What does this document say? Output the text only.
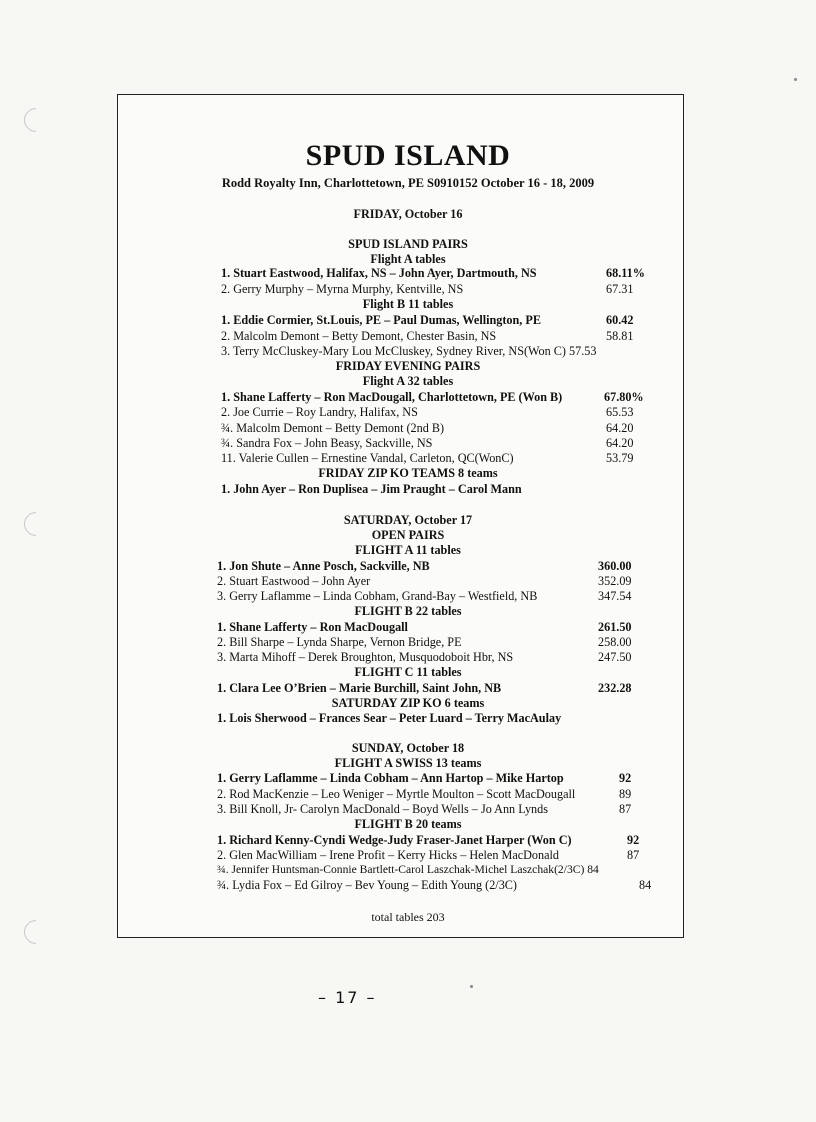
SPUD ISLAND
Rodd Royalty Inn, Charlottetown, PE S0910152 October 16 - 18, 2009
FRIDAY, October 16
SPUD ISLAND PAIRS
Flight A tables
1. Stuart Eastwood, Halifax, NS – John Ayer, Dartmouth, NS	68.11%
2. Gerry Murphy – Myrna Murphy, Kentville, NS	67.31
Flight B 11 tables
1. Eddie Cormier, St.Louis, PE – Paul Dumas, Wellington, PE	60.42
2. Malcolm Demont – Betty Demont, Chester Basin, NS	58.81
3. Terry McCluskey-Mary Lou McCluskey, Sydney River, NS(Won C) 57.53
FRIDAY EVENING PAIRS
Flight A 32 tables
1. Shane Lafferty – Ron MacDougall, Charlottetown, PE (Won B)	67.80%
2. Joe Currie – Roy Landry, Halifax, NS	65.53
¾. Malcolm Demont – Betty Demont (2nd B)	64.20
¾. Sandra Fox – John Beasy, Sackville, NS	64.20
11. Valerie Cullen – Ernestine Vandal, Carleton, QC(WonC)	53.79
FRIDAY ZIP KO TEAMS 8 teams
1. John Ayer – Ron Duplisea – Jim Praught – Carol Mann
SATURDAY, October 17
OPEN PAIRS
FLIGHT A 11 tables
1. Jon Shute – Anne Posch, Sackville, NB	360.00
2. Stuart Eastwood – John Ayer	352.09
3. Gerry Laflamme – Linda Cobham, Grand-Bay – Westfield, NB	347.54
FLIGHT B 22 tables
1. Shane Lafferty – Ron MacDougall	261.50
2. Bill Sharpe – Lynda Sharpe, Vernon Bridge, PE	258.00
3. Marta Mihoff – Derek Broughton, Musquodoboit Hbr, NS	247.50
FLIGHT C 11 tables
1. Clara Lee O’Brien – Marie Burchill, Saint John, NB	232.28
SATURDAY ZIP KO 6 teams
1. Lois Sherwood – Frances Sear – Peter Luard – Terry MacAulay
SUNDAY, October 18
FLIGHT A SWISS 13 teams
1. Gerry Laflamme – Linda Cobham – Ann Hartop – Mike Hartop	92
2. Rod MacKenzie – Leo Weniger – Myrtle Moulton – Scott MacDougall	89
3. Bill Knoll, Jr- Carolyn MacDonald – Boyd Wells – Jo Ann Lynds	87
FLIGHT B 20 teams
1. Richard Kenny-Cyndi Wedge-Judy Fraser-Janet Harper (Won C)	92
2. Glen MacWilliam – Irene Profit – Kerry Hicks – Helen MacDonald	87
¾. Jennifer Huntsman-Connie Bartlett-Carol Laszchak-Michel Laszchak(2/3C) 84
¾. Lydia Fox – Ed Gilroy – Bev Young – Edith Young (2/3C)	84
total tables 203
– 17 –
